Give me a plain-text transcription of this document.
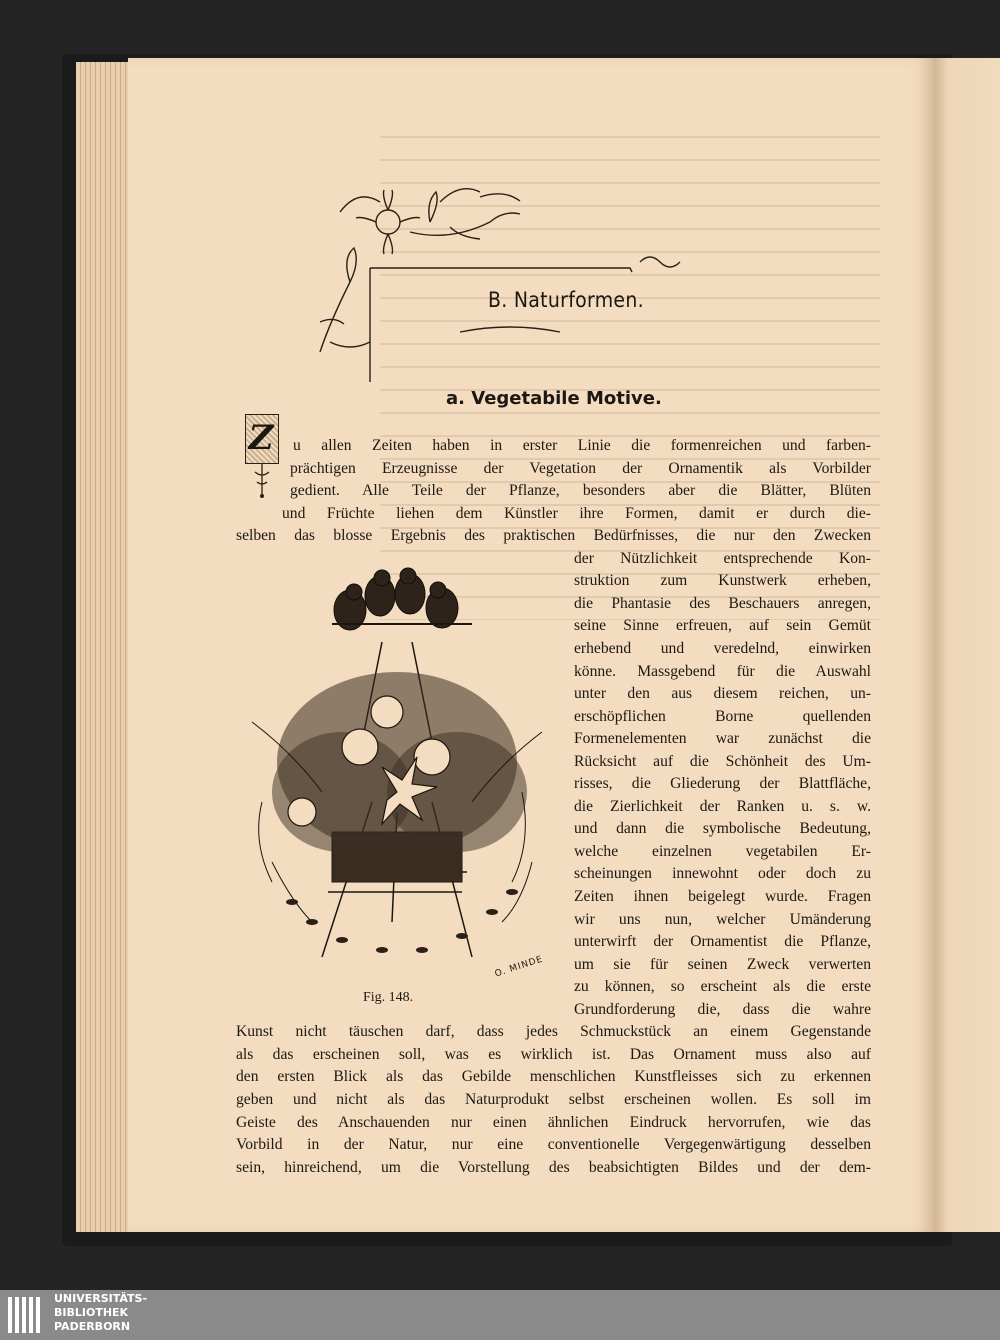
B. Naturformen.
a. Vegetabile Motive.
Z u allen Zeiten haben in erster Linie die formenreichen und farben-
prächtigen Erzeugnisse der Vegetation der Ornamentik als Vorbilder
gedient. Alle Teile der Pflanze, besonders aber die Blätter, Blüten
und Früchte liehen dem Künstler ihre Formen, damit er durch die-
selben das blosse Ergebnis des praktischen Bedürfnisses, die nur den Zwecken
der Nützlichkeit entsprechende Kon-
struktion zum Kunstwerk erheben,
die Phantasie des Beschauers anregen,
seine Sinne erfreuen, auf sein Gemüt
erhebend und veredelnd, einwirken
könne. Massgebend für die Auswahl
unter den aus diesem reichen, un-
erschöpflichen Borne quellenden
Formenelementen war zunächst die
Rücksicht auf die Schönheit des Um-
risses, die Gliederung der Blattfläche,
die Zierlichkeit der Ranken u. s. w.
und dann die symbolische Bedeutung,
welche einzelnen vegetabilen Er-
scheinungen innewohnt oder doch zu
Zeiten ihnen beigelegt wurde. Fragen
wir uns nun, welcher Umänderung
unterwirft der Ornamentist die Pflanze,
um sie für seinen Zweck verwerten
zu können, so erscheint als die erste
Grundforderung die, dass die wahre
Kunst nicht täuschen darf, dass jedes Schmuckstück an einem Gegenstande
als das erscheinen soll, was es wirklich ist. Das Ornament muss also auf
den ersten Blick als das Gebilde menschlichen Kunstfleisses sich zu erkennen
geben und nicht als das Naturprodukt selbst erscheinen wollen. Es soll im
Geiste des Anschauenden nur einen ähnlichen Eindruck hervorrufen, wie das
Vorbild in der Natur, nur eine conventionelle Vergegenwärtigung desselben
sein, hinreichend, um die Vorstellung des beabsichtigten Bildes und der dem-
O. MINDE
Fig. 148.
UNIVERSITÄTS-
BIBLIOTHEK
PADERBORN
